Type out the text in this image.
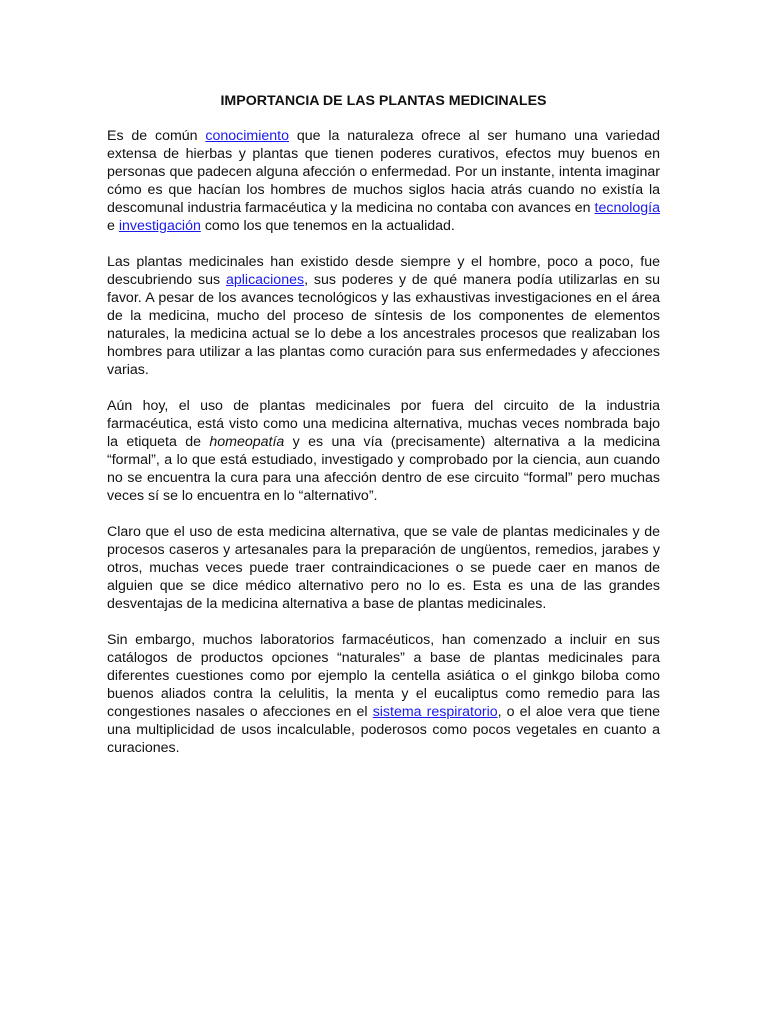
IMPORTANCIA DE LAS PLANTAS MEDICINALES

Es de común conocimiento que la naturaleza ofrece al ser humano una variedad extensa de hierbas y plantas que tienen poderes curativos, efectos muy buenos en personas que padecen alguna afección o enfermedad. Por un instante, intenta imaginar cómo es que hacían los hombres de muchos siglos hacia atrás cuando no existía la descomunal industria farmacéutica y la medicina no contaba con avances en tecnología e investigación como los que tenemos en la actualidad.

Las plantas medicinales han existido desde siempre y el hombre, poco a poco, fue descubriendo sus aplicaciones, sus poderes y de qué manera podía utilizarlas en su favor. A pesar de los avances tecnológicos y las exhaustivas investigaciones en el área de la medicina, mucho del proceso de síntesis de los componentes de elementos naturales, la medicina actual se lo debe a los ancestrales procesos que realizaban los hombres para utilizar a las plantas como curación para sus enfermedades y afecciones varias.

Aún hoy, el uso de plantas medicinales por fuera del circuito de la industria farmacéutica, está visto como una medicina alternativa, muchas veces nombrada bajo la etiqueta de homeopatía y es una vía (precisamente) alternativa a la medicina “formal”, a lo que está estudiado, investigado y comprobado por la ciencia, aun cuando no se encuentra la cura para una afección dentro de ese circuito “formal” pero muchas veces sí se lo encuentra en lo “alternativo”.

Claro que el uso de esta medicina alternativa, que se vale de plantas medicinales y de procesos caseros y artesanales para la preparación de ungüentos, remedios, jarabes y otros, muchas veces puede traer contraindicaciones o se puede caer en manos de alguien que se dice médico alternativo pero no lo es. Esta es una de las grandes desventajas de la medicina alternativa a base de plantas medicinales.

Sin embargo, muchos laboratorios farmacéuticos, han comenzado a incluir en sus catálogos de productos opciones “naturales” a base de plantas medicinales para diferentes cuestiones como por ejemplo la centella asiática o el ginkgo biloba como buenos aliados contra la celulitis, la menta y el eucaliptus como remedio para las congestiones nasales o afecciones en el sistema respiratorio, o el aloe vera que tiene una multiplicidad de usos incalculable, poderosos como pocos vegetales en cuanto a curaciones.
